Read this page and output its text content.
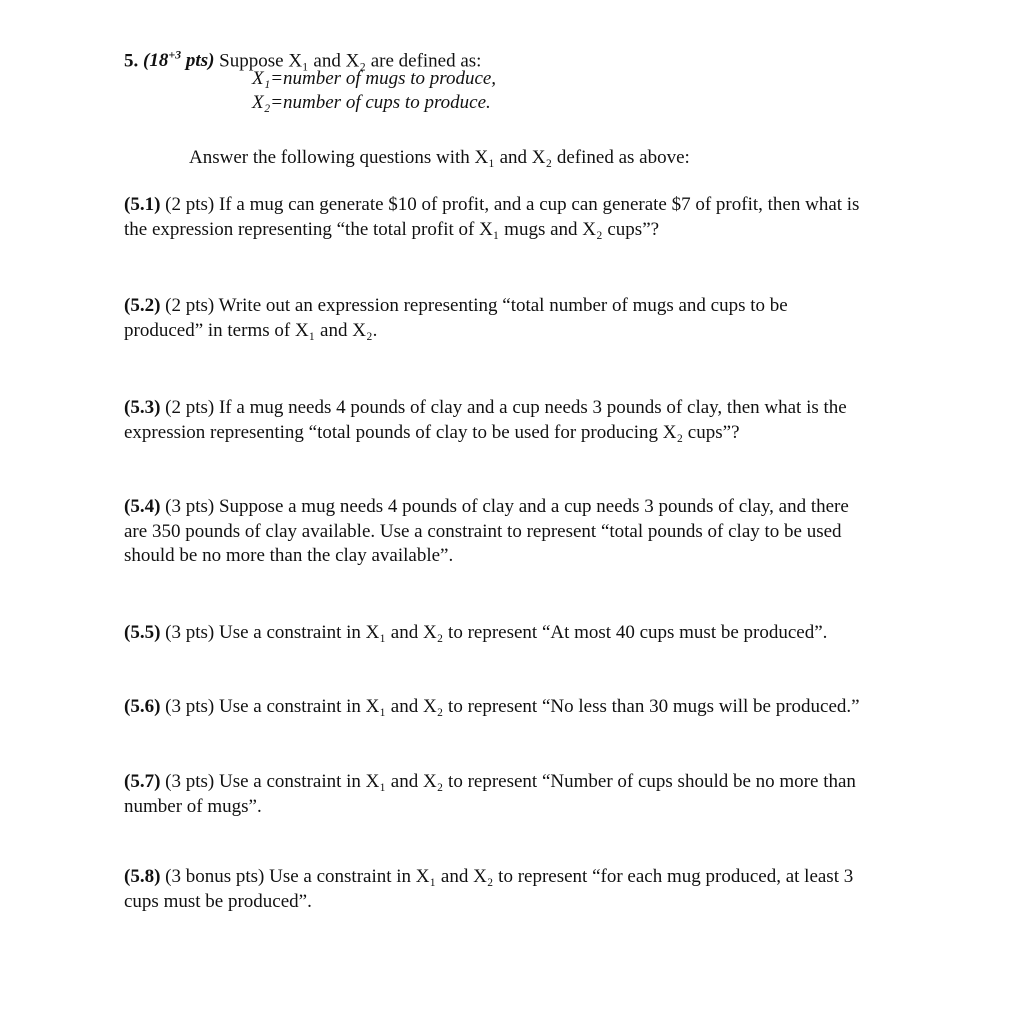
5. ($18^{+3}$ pts) Suppose X₁ and X₂ are defined as:
X₁=number of mugs to produce,
X₂=number of cups to produce.
Answer the following questions with X₁ and X₂ defined as above:
(5.1) (2 pts) If a mug can generate $10 of profit, and a cup can generate $7 of profit, then what is
the expression representing “the total profit of X₁ mugs and X₂ cups”?
(5.2) (2 pts) Write out an expression representing “total number of mugs and cups to be
produced” in terms of X₁ and X₂.
(5.3) (2 pts) If a mug needs 4 pounds of clay and a cup needs 3 pounds of clay, then what is the
expression representing “total pounds of clay to be used for producing X₂ cups”?
(5.4) (3 pts) Suppose a mug needs 4 pounds of clay and a cup needs 3 pounds of clay, and there
are 350 pounds of clay available. Use a constraint to represent “total pounds of clay to be used
should be no more than the clay available”.
(5.5) (3 pts) Use a constraint in X₁ and X₂ to represent “At most 40 cups must be produced”.
(5.6) (3 pts) Use a constraint in X₁ and X₂ to represent “No less than 30 mugs will be produced.”
(5.7) (3 pts) Use a constraint in X₁ and X₂ to represent “Number of cups should be no more than
number of mugs”.
(5.8) (3 bonus pts) Use a constraint in X₁ and X₂ to represent “for each mug produced, at least 3
cups must be produced”.
